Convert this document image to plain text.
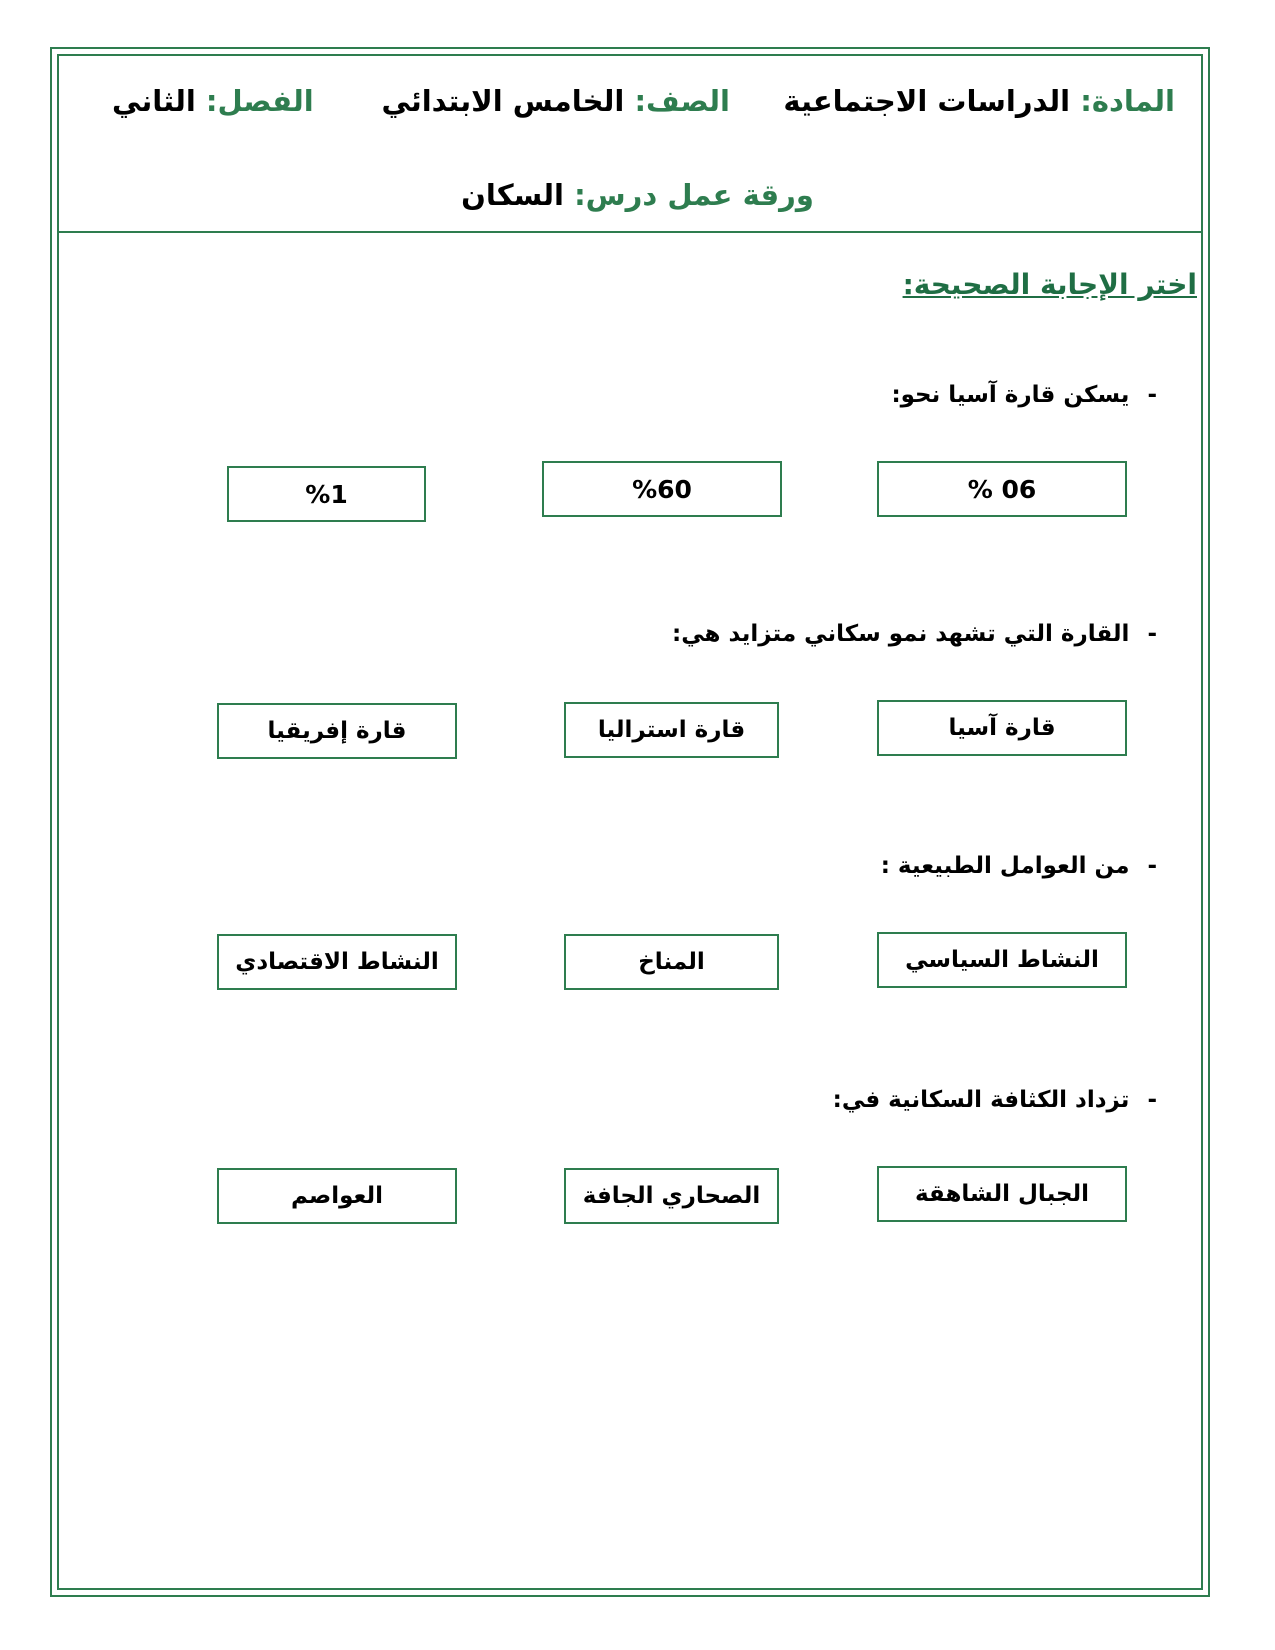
المادة: الدراسات الاجتماعية
الصف: الخامس الابتدائي
الفصل: الثاني
ورقة عمل درس: السكان
اختر الإجابة الصحيحة:
-يسكن قارة آسيا نحو:
% 06
%60
%1
-القارة التي تشهد نمو سكاني متزايد هي:
قارة آسيا
قارة استراليا
قارة إفريقيا
-من العوامل الطبيعية :
النشاط السياسي
المناخ
النشاط الاقتصادي
-تزداد الكثافة السكانية في:
الجبال الشاهقة
الصحاري الجافة
العواصم
